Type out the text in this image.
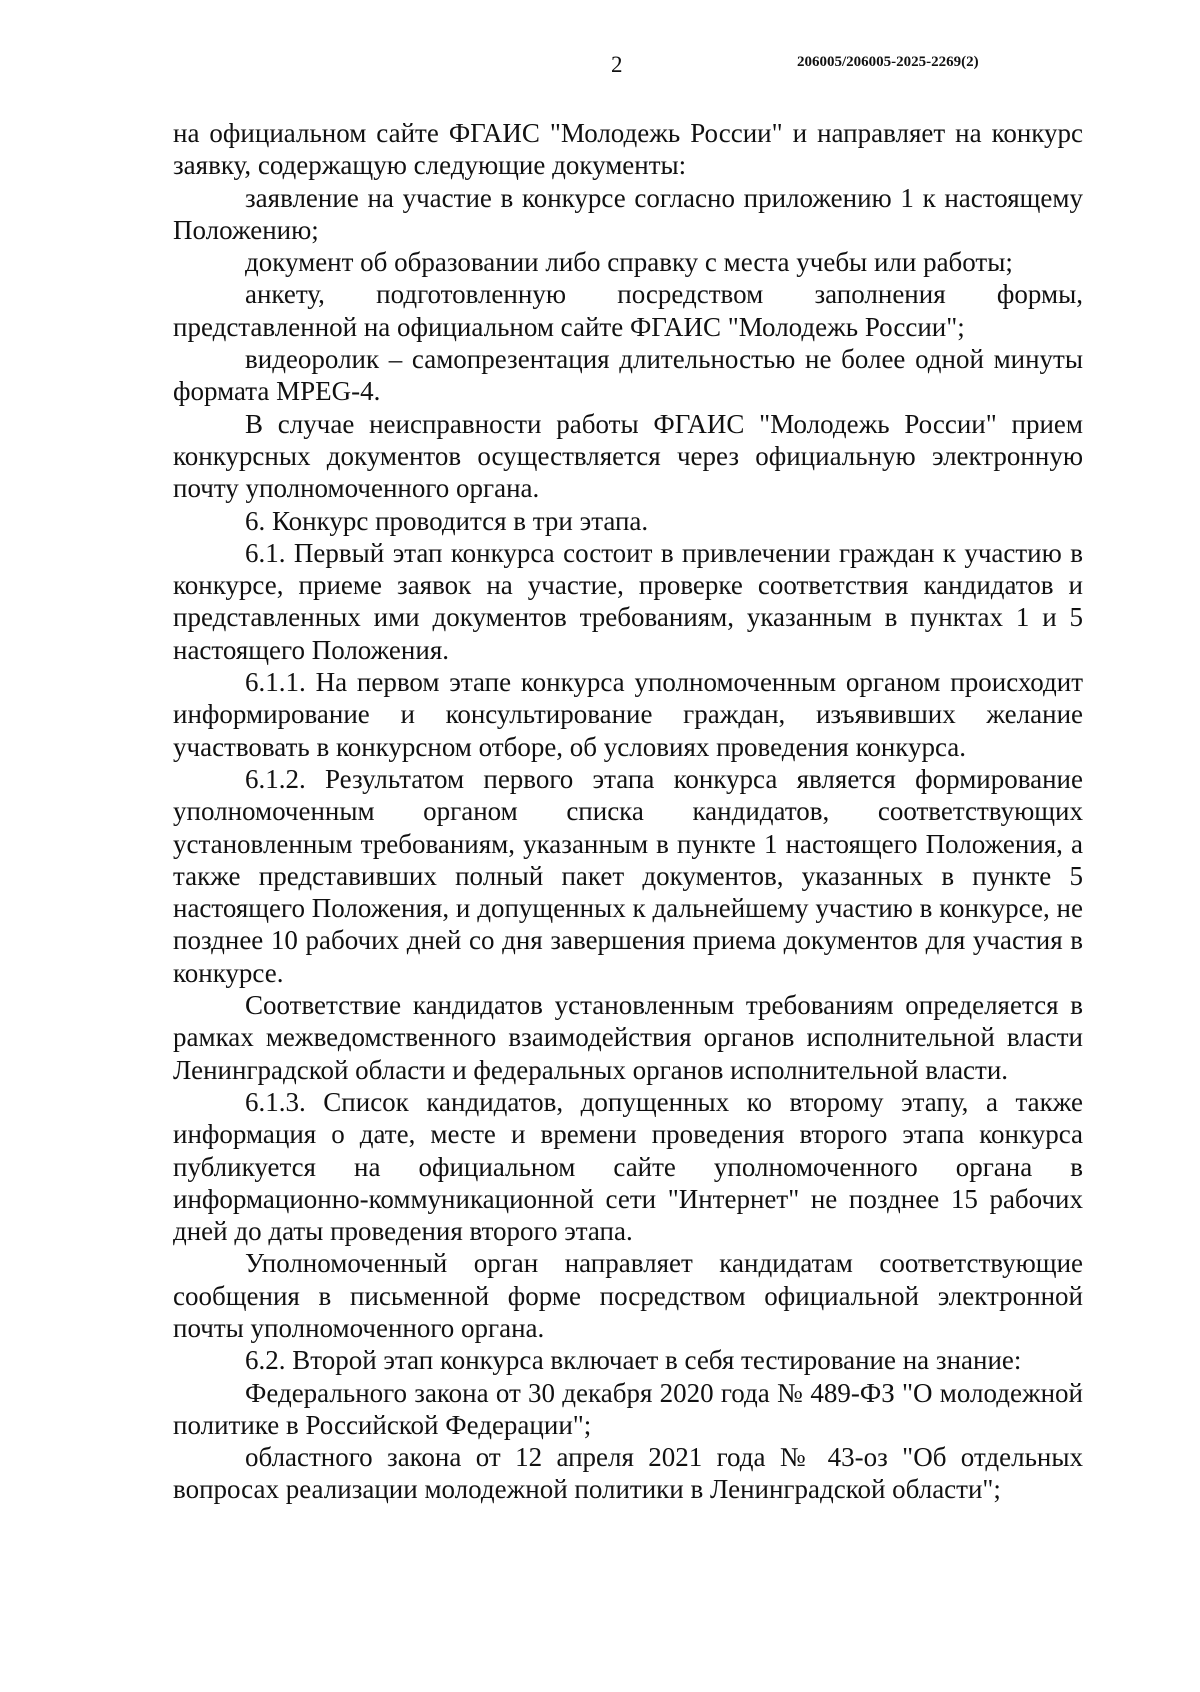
2	206005/206005-2025-2269(2)

на официальном сайте ФГАИС "Молодежь России" и направляет на конкурс заявку, содержащую следующие документы:

заявление на участие в конкурсе согласно приложению 1 к настоящему Положению;

документ об образовании либо справку с места учебы или работы;

анкету, подготовленную посредством заполнения формы, представленной на официальном сайте ФГАИС "Молодежь России";

видеоролик – самопрезентация длительностью не более одной минуты формата MPEG-4.

В случае неисправности работы ФГАИС "Молодежь России" прием конкурсных документов осуществляется через официальную электронную почту уполномоченного органа.

6. Конкурс проводится в три этапа.

6.1. Первый этап конкурса состоит в привлечении граждан к участию в конкурсе, приеме заявок на участие, проверке соответствия кандидатов и представленных ими документов требованиям, указанным в пунктах 1 и 5 настоящего Положения.

6.1.1. На первом этапе конкурса уполномоченным органом происходит информирование и консультирование граждан, изъявивших желание участвовать в конкурсном отборе, об условиях проведения конкурса.

6.1.2. Результатом первого этапа конкурса является формирование уполномоченным органом списка кандидатов, соответствующих установленным требованиям, указанным в пункте 1 настоящего Положения, а также представивших полный пакет документов, указанных в пункте 5 настоящего Положения, и допущенных к дальнейшему участию в конкурсе, не позднее 10 рабочих дней со дня завершения приема документов для участия в конкурсе.

Соответствие кандидатов установленным требованиям определяется в рамках межведомственного взаимодействия органов исполнительной власти Ленинградской области и федеральных органов исполнительной власти.

6.1.3. Список кандидатов, допущенных ко второму этапу, а также информация о дате, месте и времени проведения второго этапа конкурса публикуется на официальном сайте уполномоченного органа в информационно-коммуникационной сети "Интернет" не позднее 15 рабочих дней до даты проведения второго этапа.

Уполномоченный орган направляет кандидатам соответствующие сообщения в письменной форме посредством официальной электронной почты уполномоченного органа.

6.2. Второй этап конкурса включает в себя тестирование на знание:

Федерального закона от 30 декабря 2020 года № 489-ФЗ "О молодежной политике в Российской Федерации";

областного закона от 12 апреля 2021 года № 43-оз "Об отдельных вопросах реализации молодежной политики в Ленинградской области";
